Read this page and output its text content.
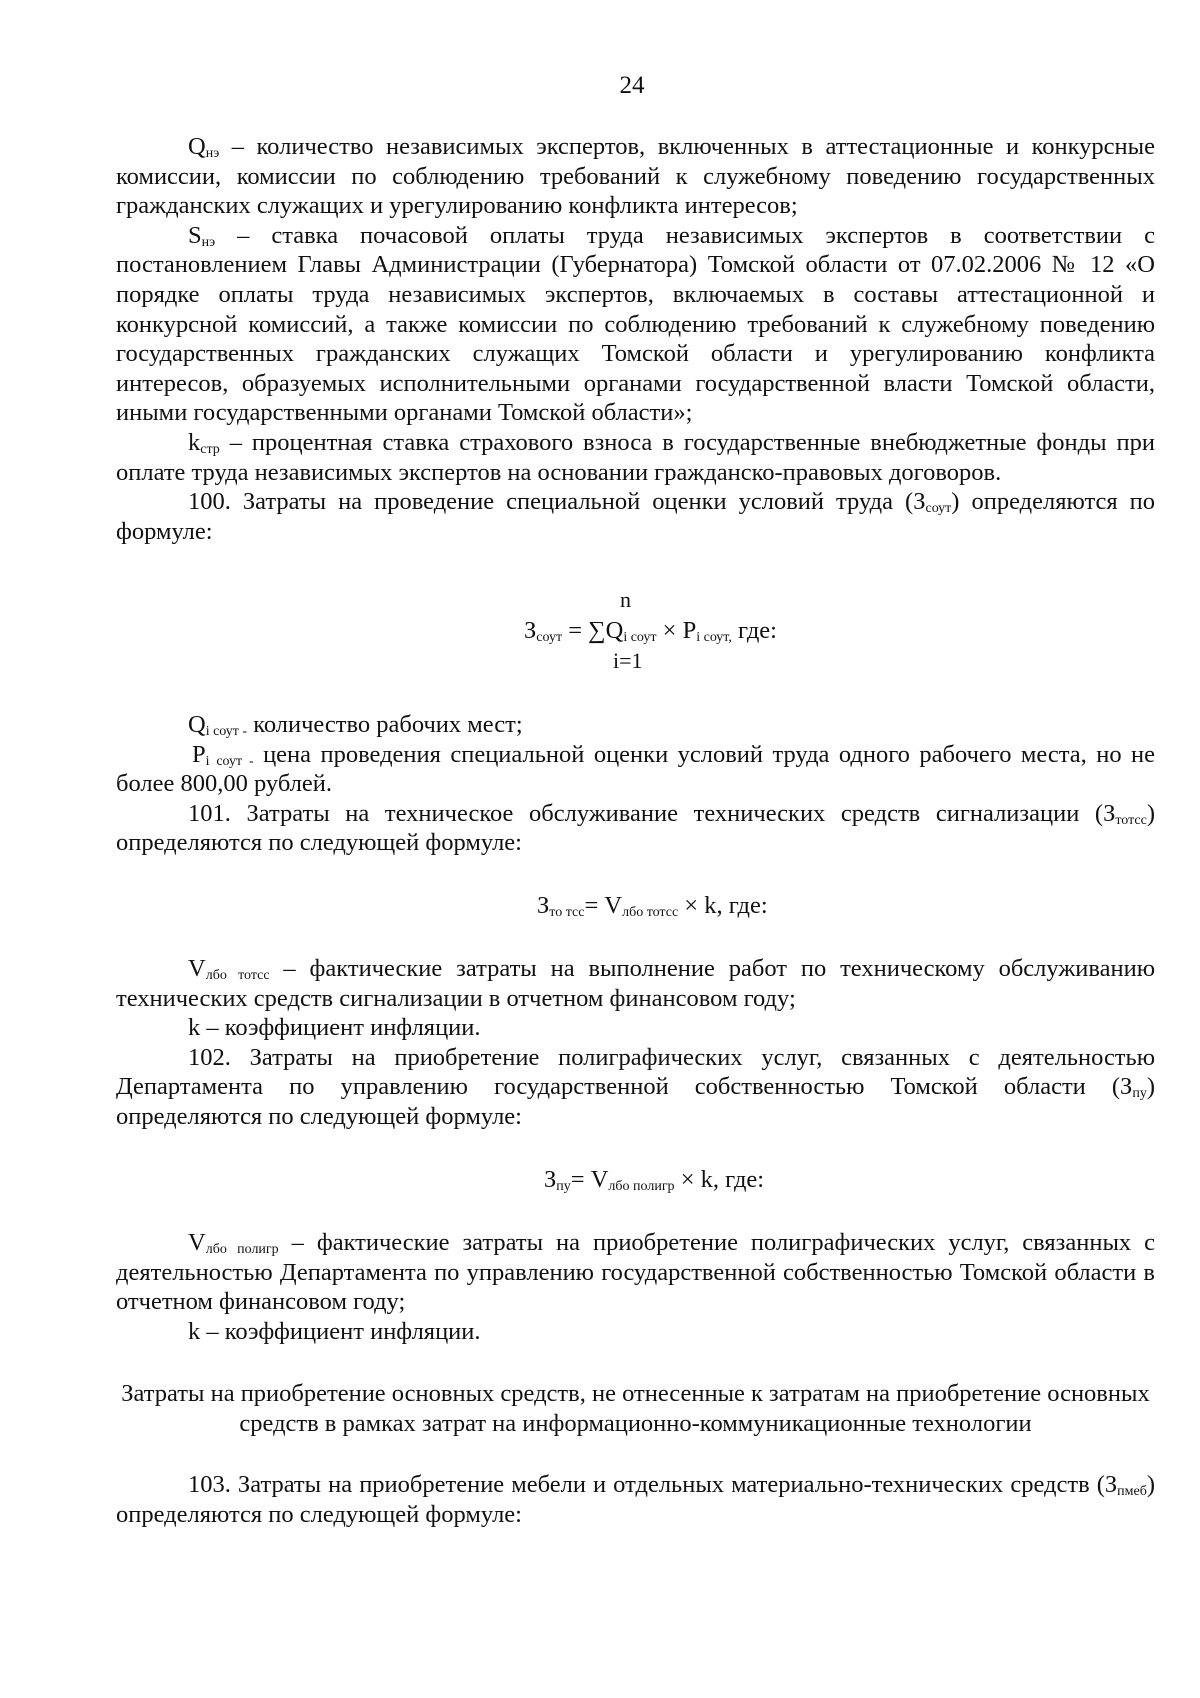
24

$Q_{нэ}$ – количество независимых экспертов, включенных в аттестационные и конкурсные комиссии, комиссии по соблюдению требований к служебному поведению государственных гражданских служащих и урегулированию конфликта интересов;

$S_{нэ}$ – ставка почасовой оплаты труда независимых экспертов в соответствии с постановлением Главы Администрации (Губернатора) Томской области от 07.02.2006 № 12 «О порядке оплаты труда независимых экспертов, включаемых в составы аттестационной и конкурсной комиссий, а также комиссии по соблюдению требований к служебному поведению государственных гражданских служащих Томской области и урегулированию конфликта интересов, образуемых исполнительными органами государственной власти Томской области, иными государственными органами Томской области»;

$k_{стр}$ – процентная ставка страхового взноса в государственные внебюджетные фонды при оплате труда независимых экспертов на основании гражданско-правовых договоров.

100. Затраты на проведение специальной оценки условий труда $(З_{соут})$ определяются по формуле:

n
Зсоут = ∑Qi соут × Pi соут, где:
i=1

$Q_{i соут -}$ количество рабочих мест;

$P_{i соут -}$ цена проведения специальной оценки условий труда одного рабочего места, но не более 800,00 рублей.

101. Затраты на техническое обслуживание технических средств сигнализации $(З_{тотсс})$ определяются по следующей формуле:

Зто тсс= Vлбо тотсс × k, где:

$V_{лбо тотсс}$ – фактические затраты на выполнение работ по техническому обслуживанию технических средств сигнализации в отчетном финансовом году;

k – коэффициент инфляции.

102. Затраты на приобретение полиграфических услуг, связанных с деятельностью Департамента по управлению государственной собственностью Томской области $(З_{пу})$ определяются по следующей формуле:

Зпу= Vлбо полигр × k, где:

$V_{лбо полигр}$ – фактические затраты на приобретение полиграфических услуг, связанных с деятельностью Департамента по управлению государственной собственностью Томской области в отчетном финансовом году;

k – коэффициент инфляции.

Затраты на приобретение основных средств, не отнесенные к затратам на приобретение основных средств в рамках затрат на информационно-коммуникационные технологии

103. Затраты на приобретение мебели и отдельных материально-технических средств $(З_{пмеб})$ определяются по следующей формуле:
